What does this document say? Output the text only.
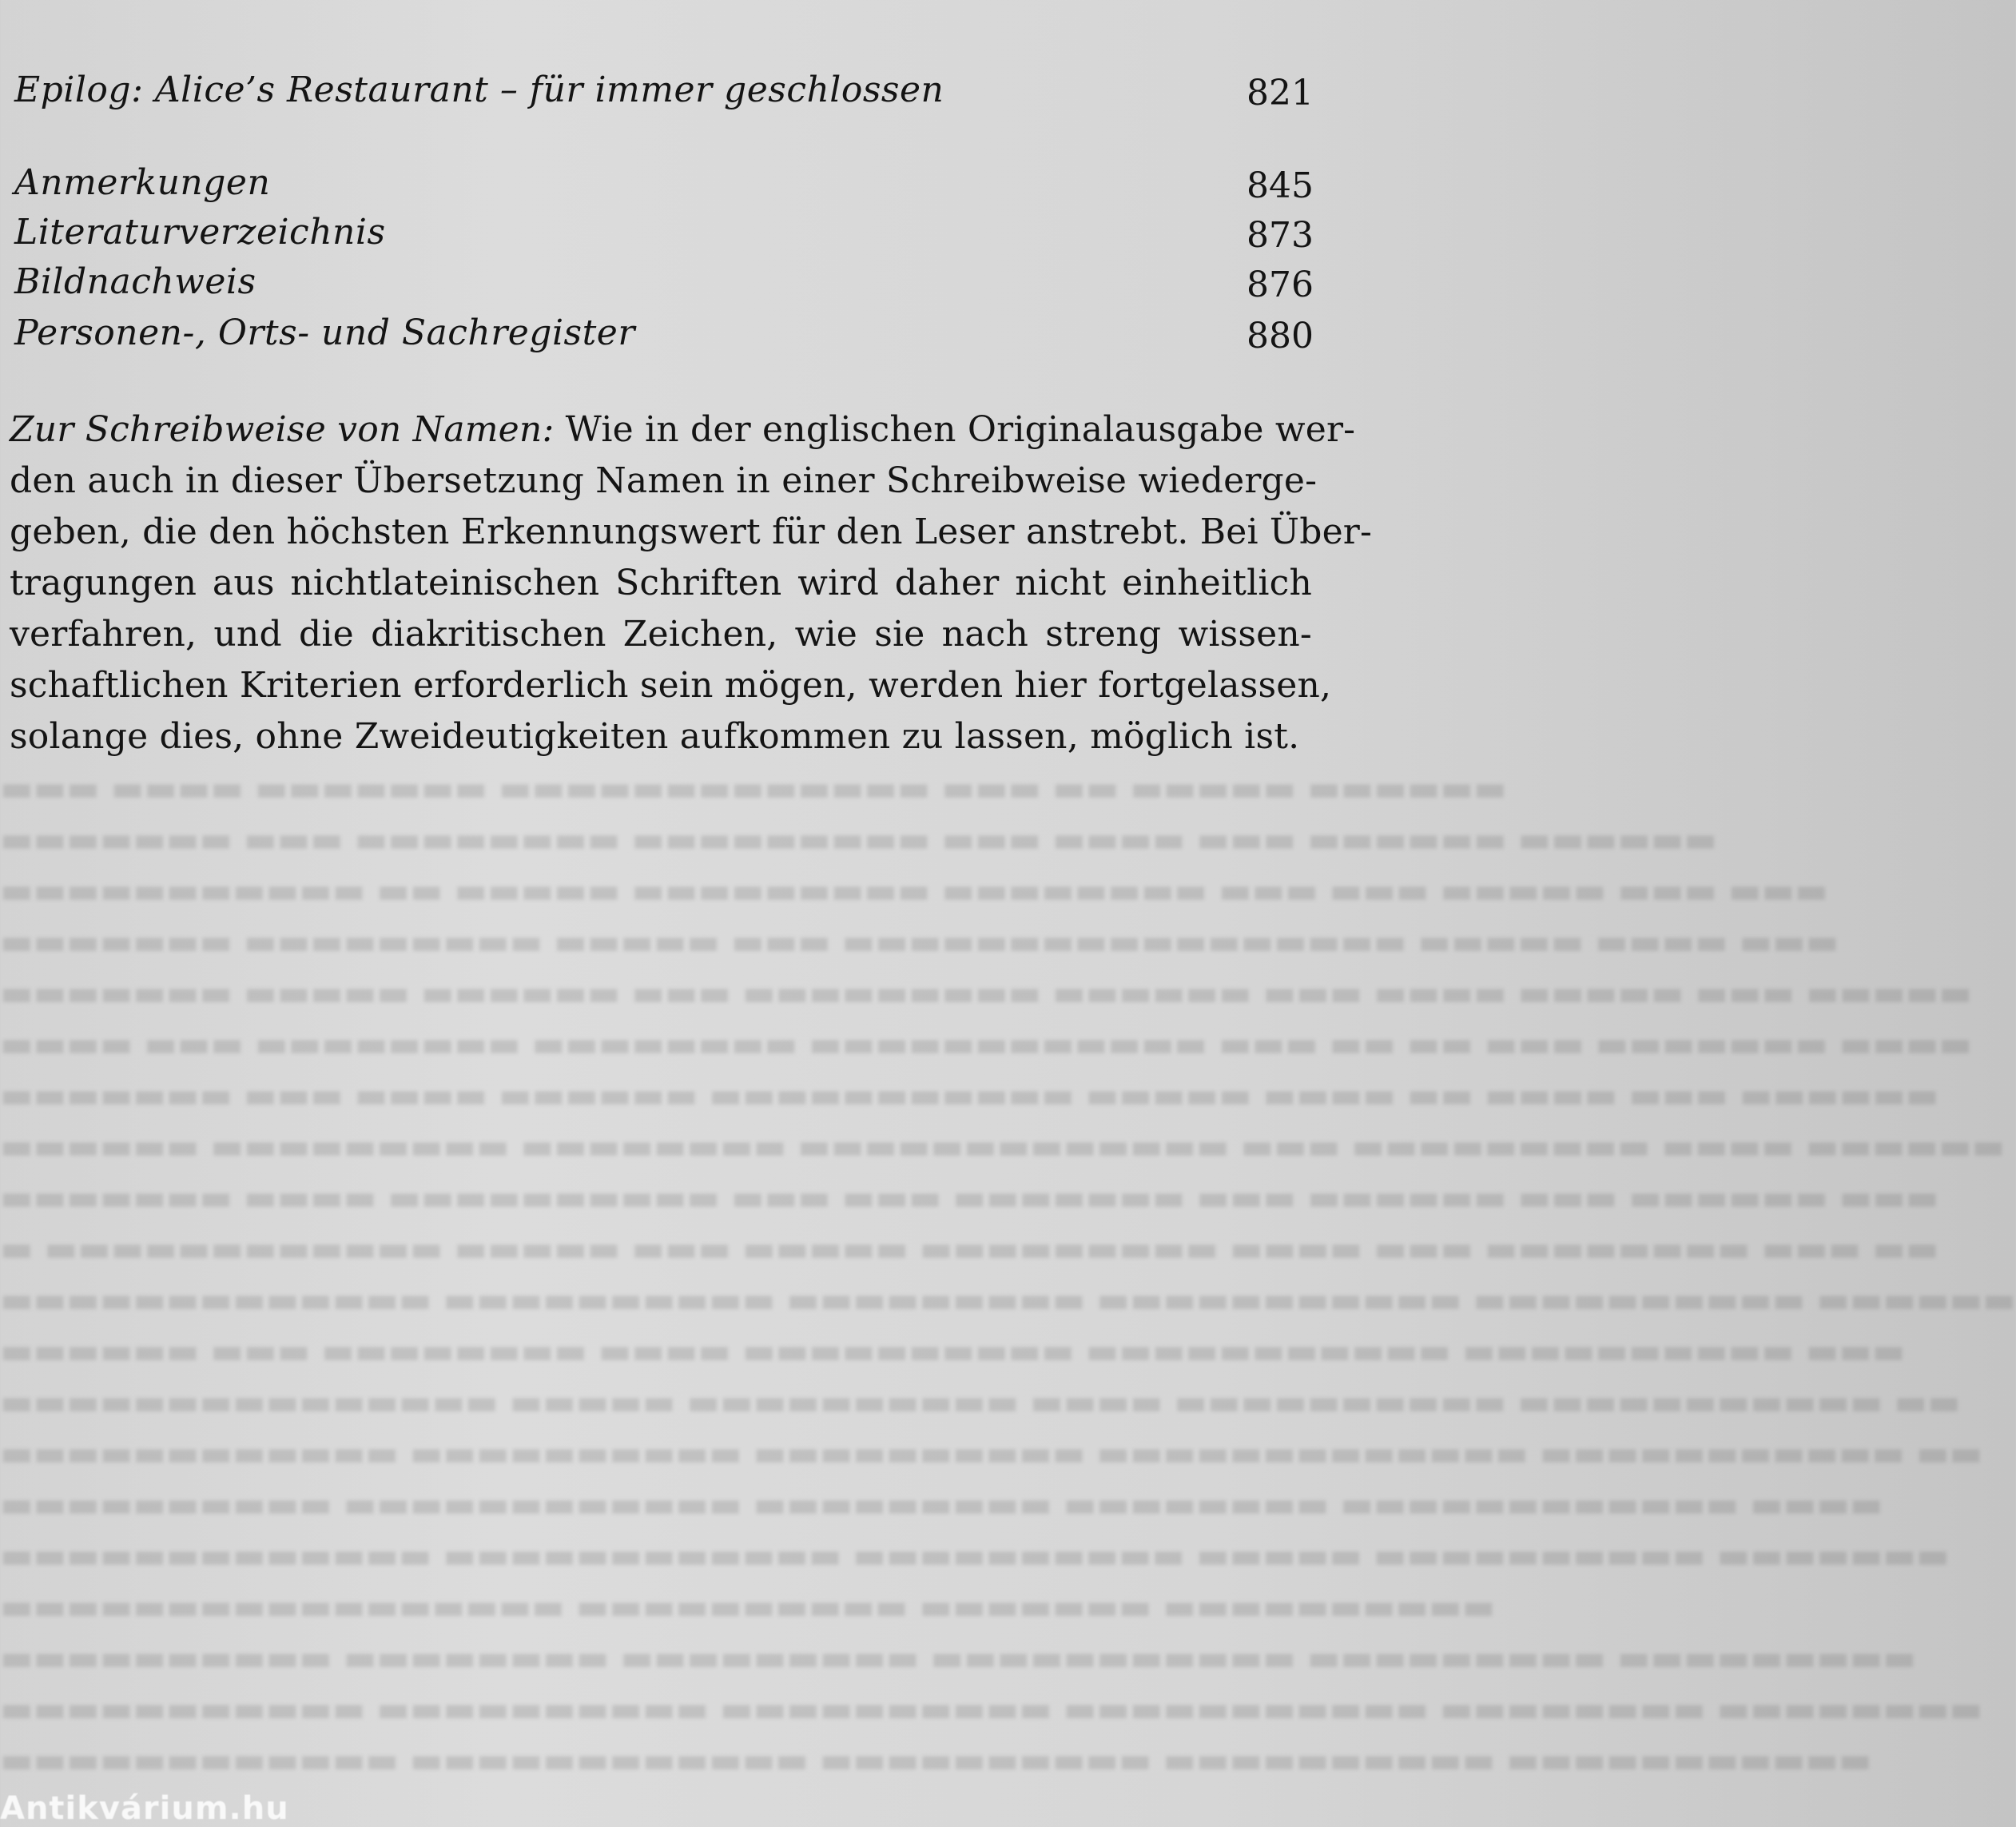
▬▬▬ ▬▬▬▬ ▬▬▬▬▬▬▬ ▬▬▬▬▬▬▬▬▬▬▬▬▬ ▬▬▬ ▬▬ ▬▬▬▬▬ ▬▬▬▬▬▬
▬▬▬▬▬▬▬ ▬▬▬ ▬▬▬▬▬▬▬▬ ▬▬▬▬▬▬▬▬▬ ▬▬▬ ▬▬▬▬ ▬▬▬ ▬▬▬▬▬▬ ▬▬▬▬▬▬
▬▬▬▬▬▬▬▬▬▬▬ ▬▬ ▬▬▬▬▬ ▬▬▬▬▬▬▬▬▬ ▬▬▬▬▬▬▬▬ ▬▬▬ ▬▬▬ ▬▬▬▬▬ ▬▬▬ ▬▬▬
▬▬▬▬▬▬▬ ▬▬▬▬▬▬▬▬▬ ▬▬▬▬▬ ▬▬▬ ▬▬▬▬▬▬▬▬▬▬▬▬▬▬▬▬▬ ▬▬▬▬▬ ▬▬▬▬ ▬▬▬
▬▬▬▬▬▬▬ ▬▬▬▬▬ ▬▬▬▬▬▬ ▬▬▬ ▬▬▬▬▬▬▬▬▬ ▬▬▬▬▬▬ ▬▬▬ ▬▬▬▬ ▬▬▬▬▬ ▬▬▬ ▬▬▬▬▬
▬▬▬▬ ▬▬▬ ▬▬▬▬▬▬▬▬ ▬▬▬▬▬▬▬▬ ▬▬▬▬▬▬▬▬▬▬▬▬ ▬▬▬ ▬▬ ▬▬ ▬▬▬ ▬▬▬▬▬▬▬ ▬▬▬▬
▬▬▬▬▬▬▬ ▬▬▬ ▬▬▬▬ ▬▬▬▬▬▬ ▬▬▬▬▬▬▬▬▬▬▬ ▬▬▬▬▬ ▬▬▬▬ ▬▬ ▬▬▬▬ ▬▬▬ ▬▬▬▬▬▬
▬▬▬▬▬▬ ▬▬▬▬▬▬▬▬▬ ▬▬▬▬▬▬▬▬ ▬▬▬▬▬▬▬▬▬▬▬▬▬ ▬▬▬ ▬▬▬▬▬▬▬▬▬ ▬▬▬▬ ▬▬▬▬▬▬
▬▬▬▬▬▬▬ ▬▬▬▬ ▬▬▬▬▬▬▬▬▬▬ ▬▬▬ ▬▬▬ ▬▬▬▬▬▬▬ ▬▬▬ ▬▬▬▬▬▬ ▬▬▬ ▬▬▬▬▬▬ ▬▬▬
▬ ▬▬▬▬▬▬▬▬▬▬▬▬ ▬▬▬▬▬ ▬▬▬ ▬▬▬▬▬ ▬▬▬▬▬▬▬▬▬ ▬▬▬▬ ▬▬▬ ▬▬▬▬▬▬▬▬ ▬▬▬ ▬▬
▬▬▬▬▬▬▬▬▬▬▬▬▬ ▬▬▬▬▬▬▬▬▬▬ ▬▬▬▬▬▬▬▬▬ ▬▬▬▬▬▬▬▬▬▬▬ ▬▬▬▬▬▬▬▬▬▬ ▬▬▬▬▬▬
▬▬▬▬▬▬ ▬▬▬ ▬▬▬▬▬▬▬▬ ▬▬▬▬ ▬▬▬▬▬▬▬▬▬▬ ▬▬▬▬▬▬▬▬▬▬▬ ▬▬▬▬▬▬▬▬▬▬ ▬▬▬
▬▬▬▬▬▬▬▬▬▬▬▬▬▬▬ ▬▬▬▬▬ ▬▬▬▬▬▬▬▬▬▬ ▬▬▬▬ ▬▬▬▬▬▬▬▬▬▬ ▬▬▬▬▬▬▬▬▬▬▬ ▬▬
▬▬▬▬▬▬▬▬▬▬▬▬ ▬▬▬▬▬▬▬▬▬▬ ▬▬▬▬▬▬▬▬▬▬ ▬▬▬▬▬▬▬▬▬▬▬▬▬ ▬▬▬▬▬▬▬▬▬▬▬ ▬▬
▬▬▬▬▬▬▬▬▬▬ ▬▬▬▬▬▬▬▬▬▬▬▬ ▬▬▬▬▬▬▬▬▬ ▬▬▬▬▬▬▬▬ ▬▬▬▬▬▬▬▬▬▬▬▬ ▬▬▬▬
▬▬▬▬▬▬▬▬▬▬▬▬▬ ▬▬▬▬▬▬▬▬▬▬▬▬ ▬▬▬▬▬▬▬▬▬▬ ▬▬▬▬▬ ▬▬▬▬▬▬▬▬▬▬ ▬▬▬▬▬▬▬
▬▬▬▬▬▬▬▬▬▬▬▬▬▬▬▬▬ ▬▬▬▬▬▬▬▬▬▬ ▬▬▬▬▬▬▬ ▬▬▬▬▬▬▬▬▬▬
▬▬▬▬▬▬▬▬▬▬ ▬▬▬▬▬▬▬▬ ▬▬▬▬▬▬▬▬▬ ▬▬▬▬▬▬▬▬▬▬▬ ▬▬▬▬▬▬▬▬▬ ▬▬▬▬▬▬▬▬▬
▬▬▬▬▬▬▬▬▬▬▬ ▬▬▬▬▬▬▬▬▬▬ ▬▬▬▬▬▬▬▬▬▬ ▬▬▬▬▬▬▬▬▬▬▬ ▬▬▬▬▬▬▬▬ ▬▬▬▬▬▬▬▬
▬▬▬▬▬▬▬▬▬▬▬▬ ▬▬▬▬▬▬▬▬▬▬▬▬ ▬▬▬▬▬▬▬▬▬▬ ▬▬▬▬▬▬▬▬▬▬ ▬▬▬▬▬▬▬▬▬▬▬
Epilog: Alice’s Restaurant – für immer geschlossen	821
Anmerkungen	845
Literaturverzeichnis	873
Bildnachweis	876
Personen-, Orts- und Sachregister	880
Zur Schreibweise von Namen: Wie in der englischen Originalausgabe wer-
den auch in dieser Übersetzung Namen in einer Schreibweise wiederge-
geben, die den höchsten Erkennungswert für den Leser anstrebt. Bei Über-
tragungen aus nichtlateinischen Schriften wird daher nicht einheitlich
verfahren, und die diakritischen Zeichen, wie sie nach streng wissen-
schaftlichen Kriterien erforderlich sein mögen, werden hier fortgelassen,
solange dies, ohne Zweideutigkeiten aufkommen zu lassen, möglich ist.
Antikvárium.hu
